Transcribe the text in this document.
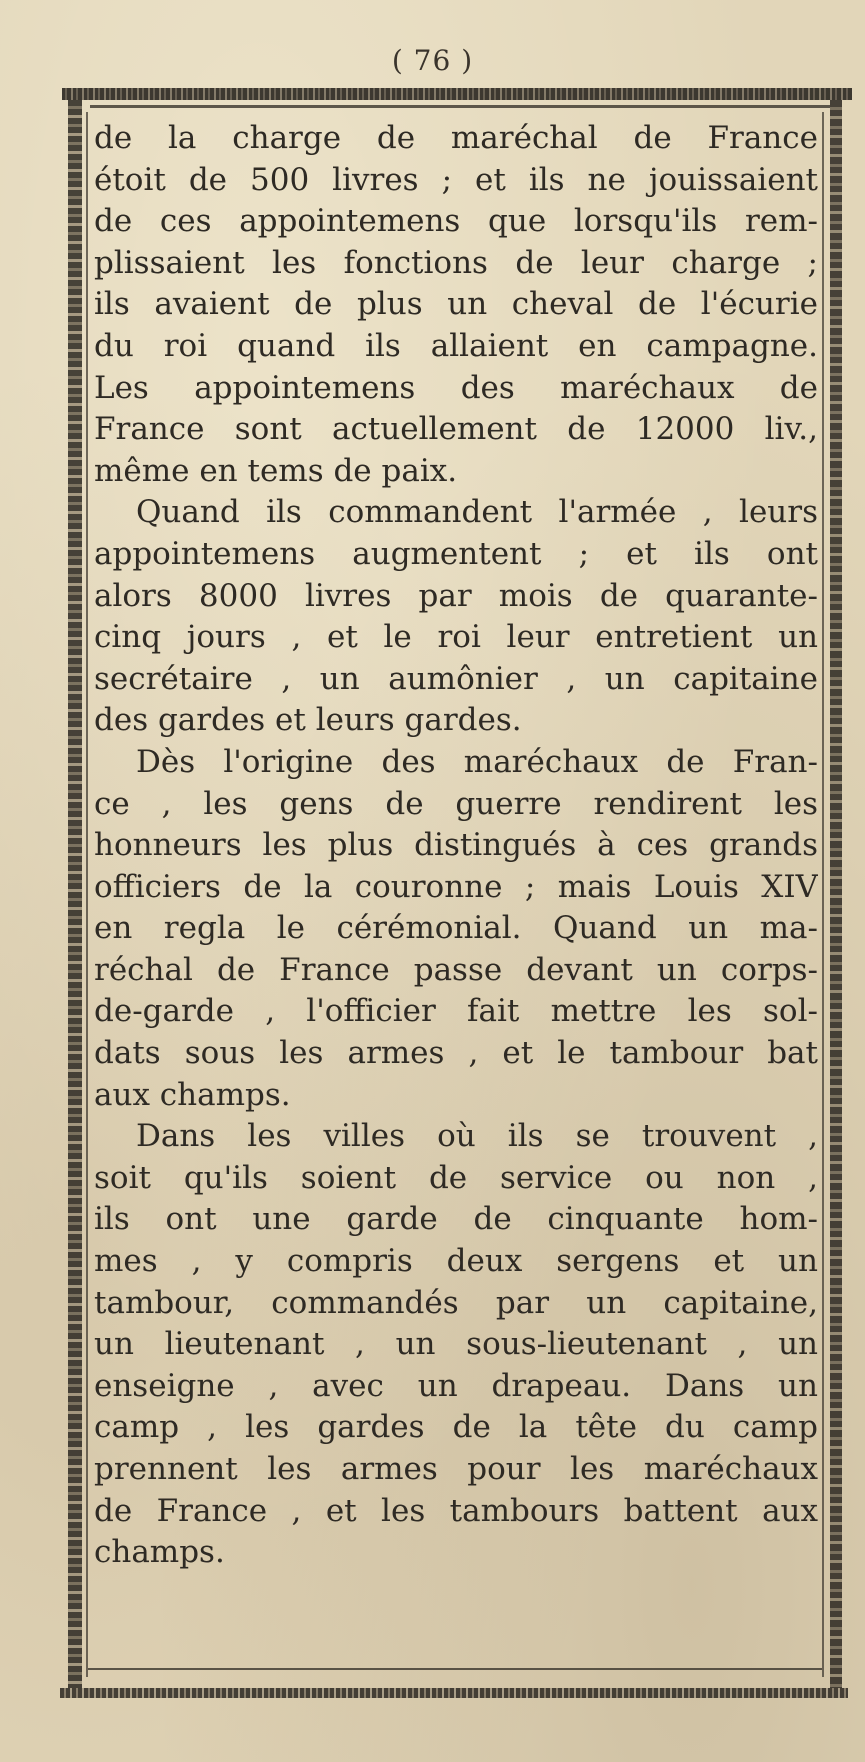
( 76 )
de la charge de maréchal de France
étoit de 500 livres ; et ils ne jouissaient
de ces appointemens que lorsqu'ils rem-
plissaient les fonctions de leur charge ;
ils avaient de plus un cheval de l'écurie
du roi quand ils allaient en campagne.
Les appointemens des maréchaux de
France sont actuellement de 12000 liv.,
même en tems de paix.
Quand ils commandent l'armée , leurs
appointemens augmentent ; et ils ont
alors 8000 livres par mois de quarante-
cinq jours , et le roi leur entretient un
secrétaire , un aumônier , un capitaine
des gardes et leurs gardes.
Dès l'origine des maréchaux de Fran-
ce , les gens de guerre rendirent les
honneurs les plus distingués à ces grands
officiers de la couronne ; mais Louis XIV
en regla le cérémonial. Quand un ma-
réchal de France passe devant un corps-
de-garde , l'officier fait mettre les sol-
dats sous les armes , et le tambour bat
aux champs.
Dans les villes où ils se trouvent ,
soit qu'ils soient de service ou non ,
ils ont une garde de cinquante hom-
mes , y compris deux sergens et un
tambour, commandés par un capitaine,
un lieutenant , un sous-lieutenant , un
enseigne , avec un drapeau. Dans un
camp , les gardes de la tête du camp
prennent les armes pour les maréchaux
de France , et les tambours battent aux
champs.
